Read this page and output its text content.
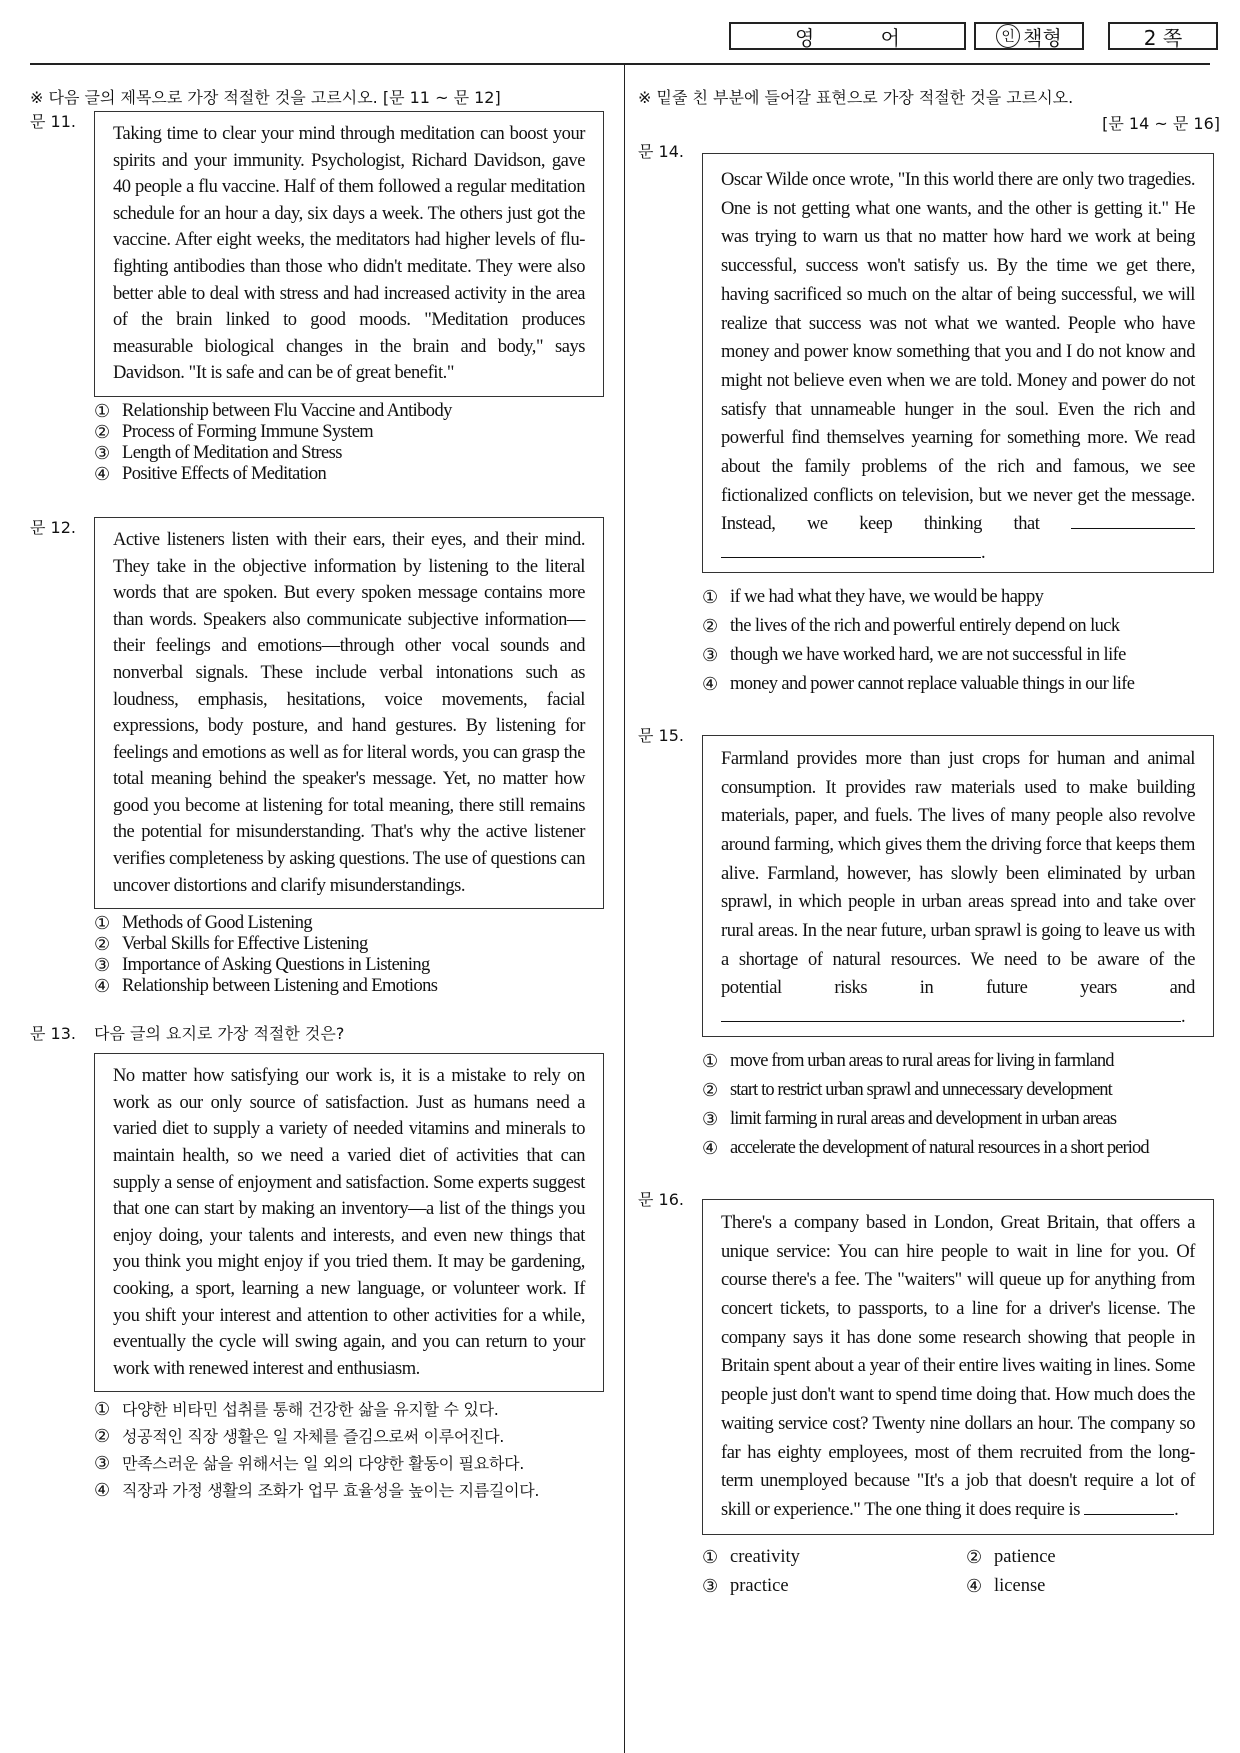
영 어	인 책형	2 쪽
※ 다음 글의 제목으로 가장 적절한 것을 고르시오. [문 11 ~ 문 12]
문 11.
Taking time to clear your mind through meditation can boost your spirits and your immunity. Psychologist, Richard Davidson, gave 40 people a flu vaccine. Half of them followed a regular meditation schedule for an hour a day, six days a week. The others just got the vaccine. After eight weeks, the meditators had higher levels of flu-fighting antibodies than those who didn't meditate. They were also better able to deal with stress and had increased activity in the area of the brain linked to good moods. "Meditation produces measurable biological changes in the brain and body," says Davidson. "It is safe and can be of great benefit."
① Relationship between Flu Vaccine and Antibody
② Process of Forming Immune System
③ Length of Meditation and Stress
④ Positive Effects of Meditation
문 12.
Active listeners listen with their ears, their eyes, and their mind. They take in the objective information by listening to the literal words that are spoken. But every spoken message contains more than words. Speakers also communicate subjective information—their feelings and emotions—through other vocal sounds and nonverbal signals. These include verbal intonations such as loudness, emphasis, hesitations, voice movements, facial expressions, body posture, and hand gestures. By listening for feelings and emotions as well as for literal words, you can grasp the total meaning behind the speaker's message. Yet, no matter how good you become at listening for total meaning, there still remains the potential for misunderstanding. That's why the active listener verifies completeness by asking questions. The use of questions can uncover distortions and clarify misunderstandings.
① Methods of Good Listening
② Verbal Skills for Effective Listening
③ Importance of Asking Questions in Listening
④ Relationship between Listening and Emotions
문 13. 다음 글의 요지로 가장 적절한 것은?
No matter how satisfying our work is, it is a mistake to rely on work as our only source of satisfaction. Just as humans need a varied diet to supply a variety of needed vitamins and minerals to maintain health, so we need a varied diet of activities that can supply a sense of enjoyment and satisfaction. Some experts suggest that one can start by making an inventory—a list of the things you enjoy doing, your talents and interests, and even new things that you think you might enjoy if you tried them. It may be gardening, cooking, a sport, learning a new language, or volunteer work. If you shift your interest and attention to other activities for a while, eventually the cycle will swing again, and you can return to your work with renewed interest and enthusiasm.
① 다양한 비타민 섭취를 통해 건강한 삶을 유지할 수 있다.
② 성공적인 직장 생활은 일 자체를 즐김으로써 이루어진다.
③ 만족스러운 삶을 위해서는 일 외의 다양한 활동이 필요하다.
④ 직장과 가정 생활의 조화가 업무 효율성을 높이는 지름길이다.
※ 밑줄 친 부분에 들어갈 표현으로 가장 적절한 것을 고르시오.
[문 14 ~ 문 16]
문 14.
Oscar Wilde once wrote, "In this world there are only two tragedies. One is not getting what one wants, and the other is getting it." He was trying to warn us that no matter how hard we work at being successful, success won't satisfy us. By the time we get there, having sacrificed so much on the altar of being successful, we will realize that success was not what we wanted. People who have money and power know something that you and I do not know and might not believe even when we are told. Money and power do not satisfy that unnameable hunger in the soul. Even the rich and powerful find themselves yearning for something more. We read about the family problems of the rich and famous, we see fictionalized conflicts on television, but we never get the message. Instead, we keep thinking that  .
① if we had what they have, we would be happy
② the lives of the rich and powerful entirely depend on luck
③ though we have worked hard, we are not successful in life
④ money and power cannot replace valuable things in our life
문 15.
Farmland provides more than just crops for human and animal consumption. It provides raw materials used to make building materials, paper, and fuels. The lives of many people also revolve around farming, which gives them the driving force that keeps them alive. Farmland, however, has slowly been eliminated by urban sprawl, in which people in urban areas spread into and take over rural areas. In the near future, urban sprawl is going to leave us with a shortage of natural resources. We need to be aware of the potential risks in future years and .
① move from urban areas to rural areas for living in farmland
② start to restrict urban sprawl and unnecessary development
③ limit farming in rural areas and development in urban areas
④ accelerate the development of natural resources in a short period
문 16.
There's a company based in London, Great Britain, that offers a unique service: You can hire people to wait in line for you. Of course there's a fee. The "waiters" will queue up for anything from concert tickets, to passports, to a line for a driver's license. The company says it has done some research showing that people in Britain spent about a year of their entire lives waiting in lines. Some people just don't want to spend time doing that. How much does the waiting service cost? Twenty nine dollars an hour. The company so far has eighty employees, most of them recruited from the long-term unemployed because "It's a job that doesn't require a lot of skill or experience." The one thing it does require is	.
① creativity	② patience
③ practice	④ license
